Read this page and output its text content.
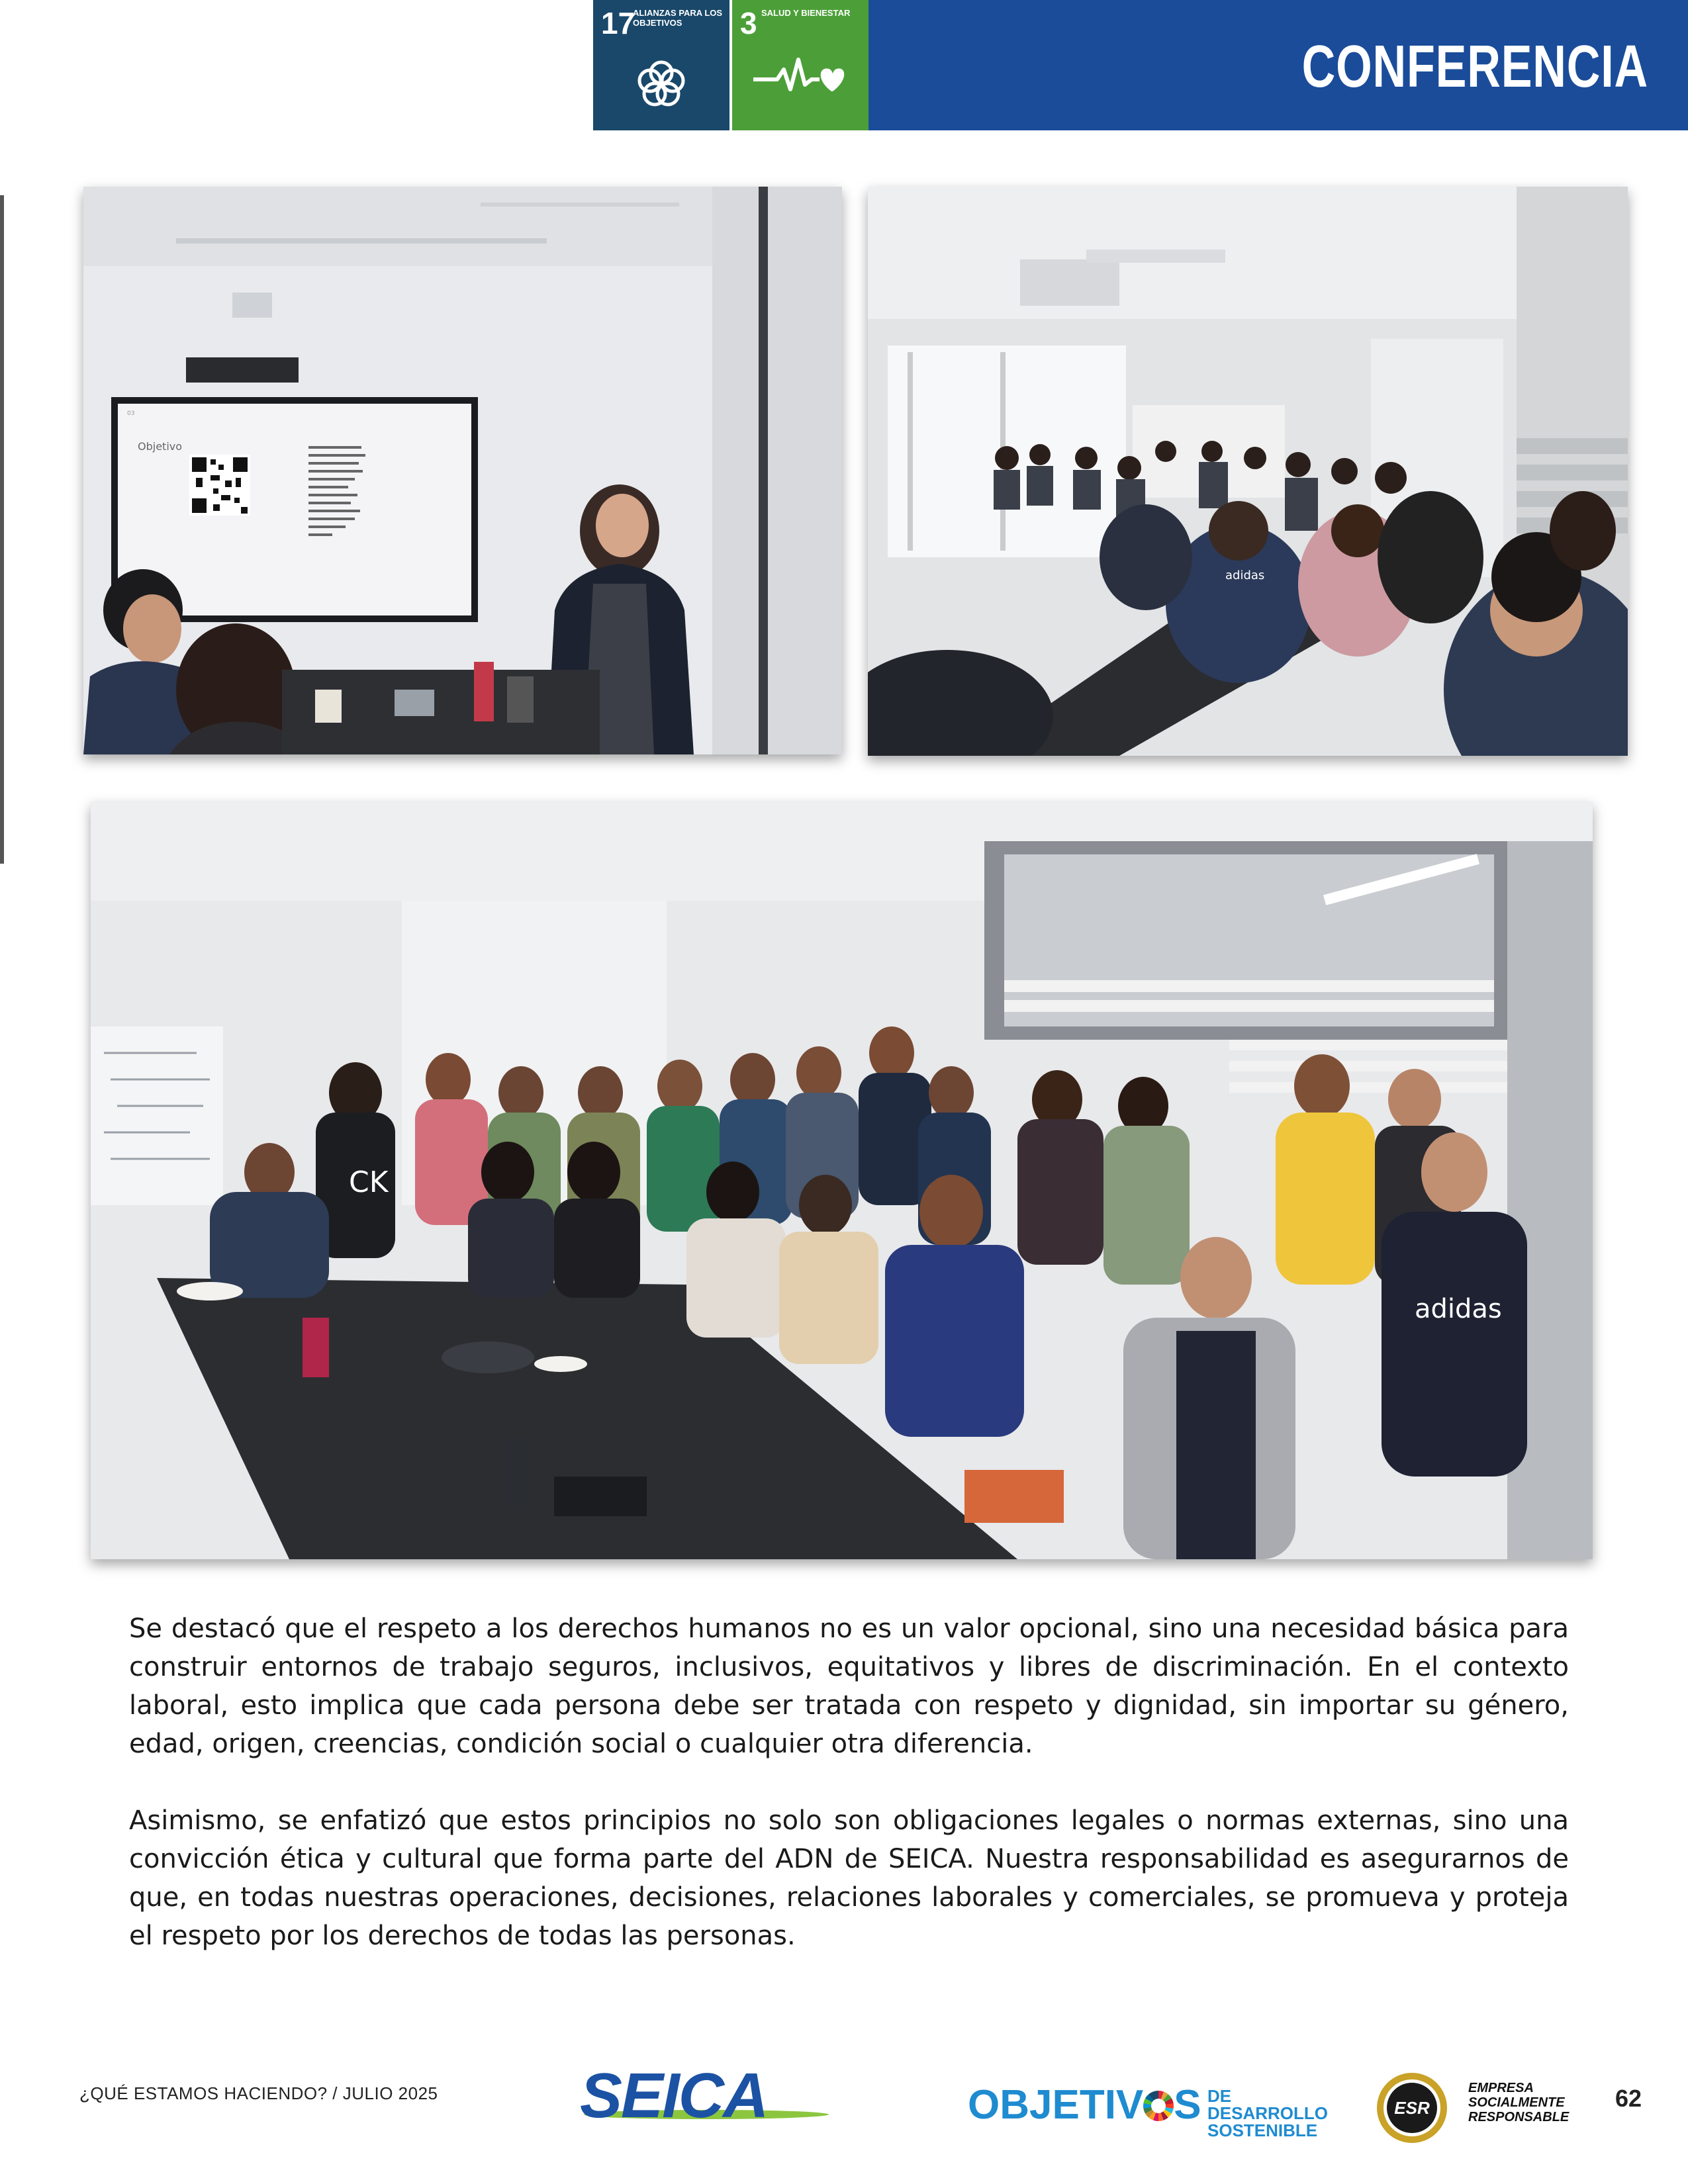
17
ALIANZAS PARA LOS OBJETIVOS	3 SALUD Y BIENESTAR
CONFERENCIA
Objetivo
03
adidas
CK
adidas

Se destacó que el respeto a los derechos humanos no es un valor opcional, sino una necesidad básica para construir entornos de trabajo seguros, inclusivos, equitativos y libres de discriminación. En el contexto laboral, esto implica que cada persona debe ser tratada con respeto y dignidad, sin importar su género, edad, origen, creencias, condición social o cualquier otra diferencia.

Asimismo, se enfatizó que estos principios no solo son obligaciones legales o normas externas, sino una convicción ética y cultural que forma parte del ADN de SEICA. Nuestra responsabilidad es asegurarnos de que, en todas nuestras operaciones, decisiones, relaciones laborales y comerciales, se promueva y proteja el respeto por los derechos de todas las personas.

¿QUÉ ESTAMOS HACIENDO? / JULIO 2025 SEICA	OBJETIV S DE DESARROLLO
SOSTENIBLE
ESR
EMPRESA
SOCIALMENTE
RESPONSABLE
62
